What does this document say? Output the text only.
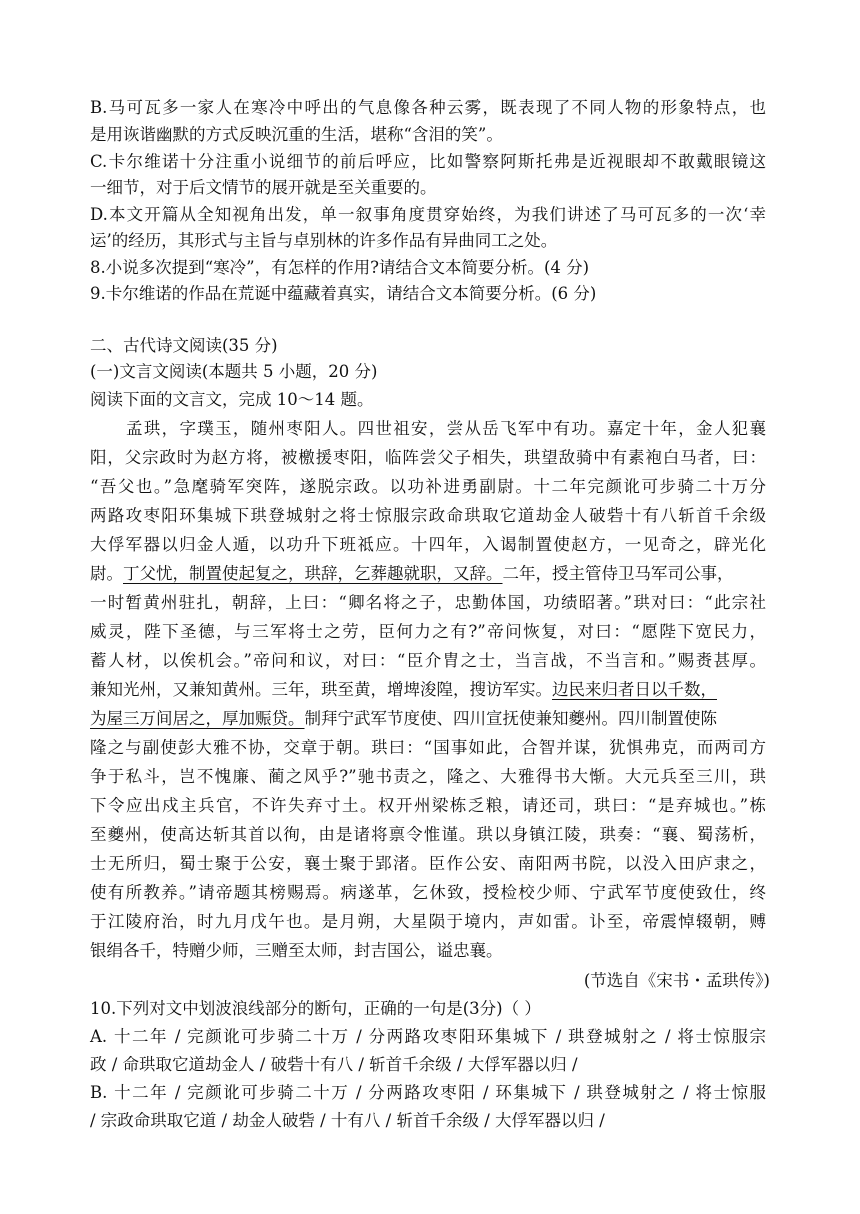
B.马可瓦多一家人在寒冷中呼出的气息像各种云雾，既表现了不同人物的形象特点，也
是用诙谐幽默的方式反映沉重的生活，堪称“含泪的笑”。
C.卡尔维诺十分注重小说细节的前后呼应，比如警察阿斯托弗是近视眼却不敢戴眼镜这
一细节，对于后文情节的展开就是至关重要的。
D.本文开篇从全知视角出发，单一叙事角度贯穿始终，为我们讲述了马可瓦多的一次‘幸
运’的经历，其形式与主旨与卓别林的许多作品有异曲同工之处。
8.小说多次提到“寒冷”，有怎样的作用?请结合文本简要分析。(4 分)
9.卡尔维诺的作品在荒诞中蕴藏着真实，请结合文本简要分析。(6 分)
二、古代诗文阅读(35 分)
(一)文言文阅读(本题共 5 小题，20 分)
阅读下面的文言文，完成 10～14 题。
孟珙，字璞玉，随州枣阳人。四世祖安，尝从岳飞军中有功。嘉定十年，金人犯襄
阳，父宗政时为赵方将，被檄援枣阳，临阵尝父子相失，珙望敌骑中有素袍白马者，曰：
“吾父也。”急麾骑军突阵，遂脱宗政。以功补进勇副尉。十二年完颜讹可步骑二十万分
两路攻枣阳环集城下珙登城射之将士惊服宗政命珙取它道劫金人破砦十有八斩首千余级
大俘军器以归金人遁，以功升下班祗应。十四年，入谒制置使赵方，一见奇之，辟光化
尉。丁父忧，制置使起复之，珙辞，乞葬趣就职，又辞。二年，授主管侍卫马军司公事，
一时暂黄州驻扎，朝辞，上曰：“卿名将之子，忠勤体国，功绩昭著。”珙对曰：“此宗社
威灵，陛下圣德，与三军将士之劳，臣何力之有?”帝问恢复，对曰：“愿陛下宽民力，
蓄人材，以俟机会。”帝问和议，对曰：“臣介胄之士，当言战，不当言和。”赐赉甚厚。
兼知光州，又兼知黄州。三年，珙至黄，增埤浚隍，搜访军实。边民来归者日以千数，
为屋三万间居之，厚加赈贷。制拜宁武军节度使、四川宣抚使兼知夔州。四川制置使陈
隆之与副使彭大雅不协，交章于朝。珙曰：“国事如此，合智并谋，犹惧弗克，而两司方
争于私斗，岂不愧廉、蔺之风乎?”驰书责之，隆之、大雅得书大惭。大元兵至三川，珙
下令应出戍主兵官，不许失弃寸土。权开州梁栋乏粮，请还司，珙曰：“是弃城也。”栋
至夔州，使高达斩其首以徇，由是诸将禀令惟谨。珙以身镇江陵，珙奏：“襄、蜀荡析，
士无所归，蜀士聚于公安，襄士聚于郢渚。臣作公安、南阳两书院，以没入田庐隶之，
使有所教养。”请帝题其榜赐焉。病遂革，乞休致，授检校少师、宁武军节度使致仕，终
于江陵府治，时九月戊午也。是月朔，大星陨于境内，声如雷。讣至，帝震悼辍朝，赙
银绢各千，特赠少师，三赠至太师，封吉国公，谥忠襄。
(节选自《宋书・孟珙传》)
10.下列对文中划波浪线部分的断句，正确的一句是(3分)（ ）
A. 十二年 / 完颜讹可步骑二十万 / 分两路攻枣阳环集城下 / 珙登城射之 / 将士惊服宗
政 / 命珙取它道劫金人 / 破砦十有八 / 斩首千余级 / 大俘军器以归 /
B. 十二年 / 完颜讹可步骑二十万 / 分两路攻枣阳 / 环集城下 / 珙登城射之 / 将士惊服
/ 宗政命珙取它道 / 劫金人破砦 / 十有八 / 斩首千余级 / 大俘军器以归 /
